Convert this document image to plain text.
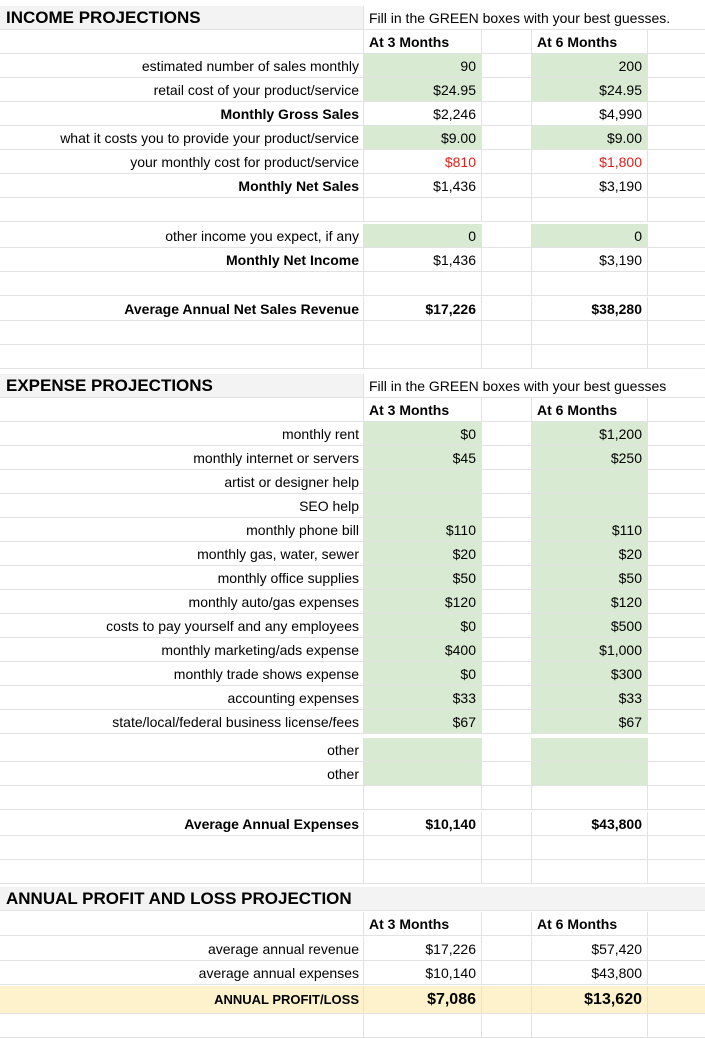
INCOME PROJECTIONS	Fill in the GREEN boxes with your best guesses.
At 3 Months	At 6 Months
estimated number of sales monthly	90	200
retail cost of your product/service	$24.95	$24.95
Monthly Gross Sales	$2,246	$4,990
what it costs you to provide your product/service	$9.00	$9.00
your monthly cost for product/service	$810	$1,800
Monthly Net Sales	$1,436	$3,190
other income you expect, if any	0	0
Monthly Net Income	$1,436	$3,190
Average Annual Net Sales Revenue	$17,226	$38,280
EXPENSE PROJECTIONS	Fill in the GREEN boxes with your best guesses
At 3 Months	At 6 Months
monthly rent	$0	$1,200
monthly internet or servers	$45	$250
artist or designer help
SEO help
monthly phone bill	$110	$110
monthly gas, water, sewer	$20	$20
monthly office supplies	$50	$50
monthly auto/gas expenses	$120	$120
costs to pay yourself and any employees	$0	$500
monthly marketing/ads expense	$400	$1,000
monthly trade shows expense	$0	$300
accounting expenses	$33	$33
state/local/federal business license/fees	$67	$67
other
other
Average Annual Expenses	$10,140	$43,800
ANNUAL PROFIT AND LOSS PROJECTION
At 3 Months	At 6 Months
average annual revenue	$17,226	$57,420
average annual expenses	$10,140	$43,800
ANNUAL PROFIT/LOSS	$7,086	$13,620
